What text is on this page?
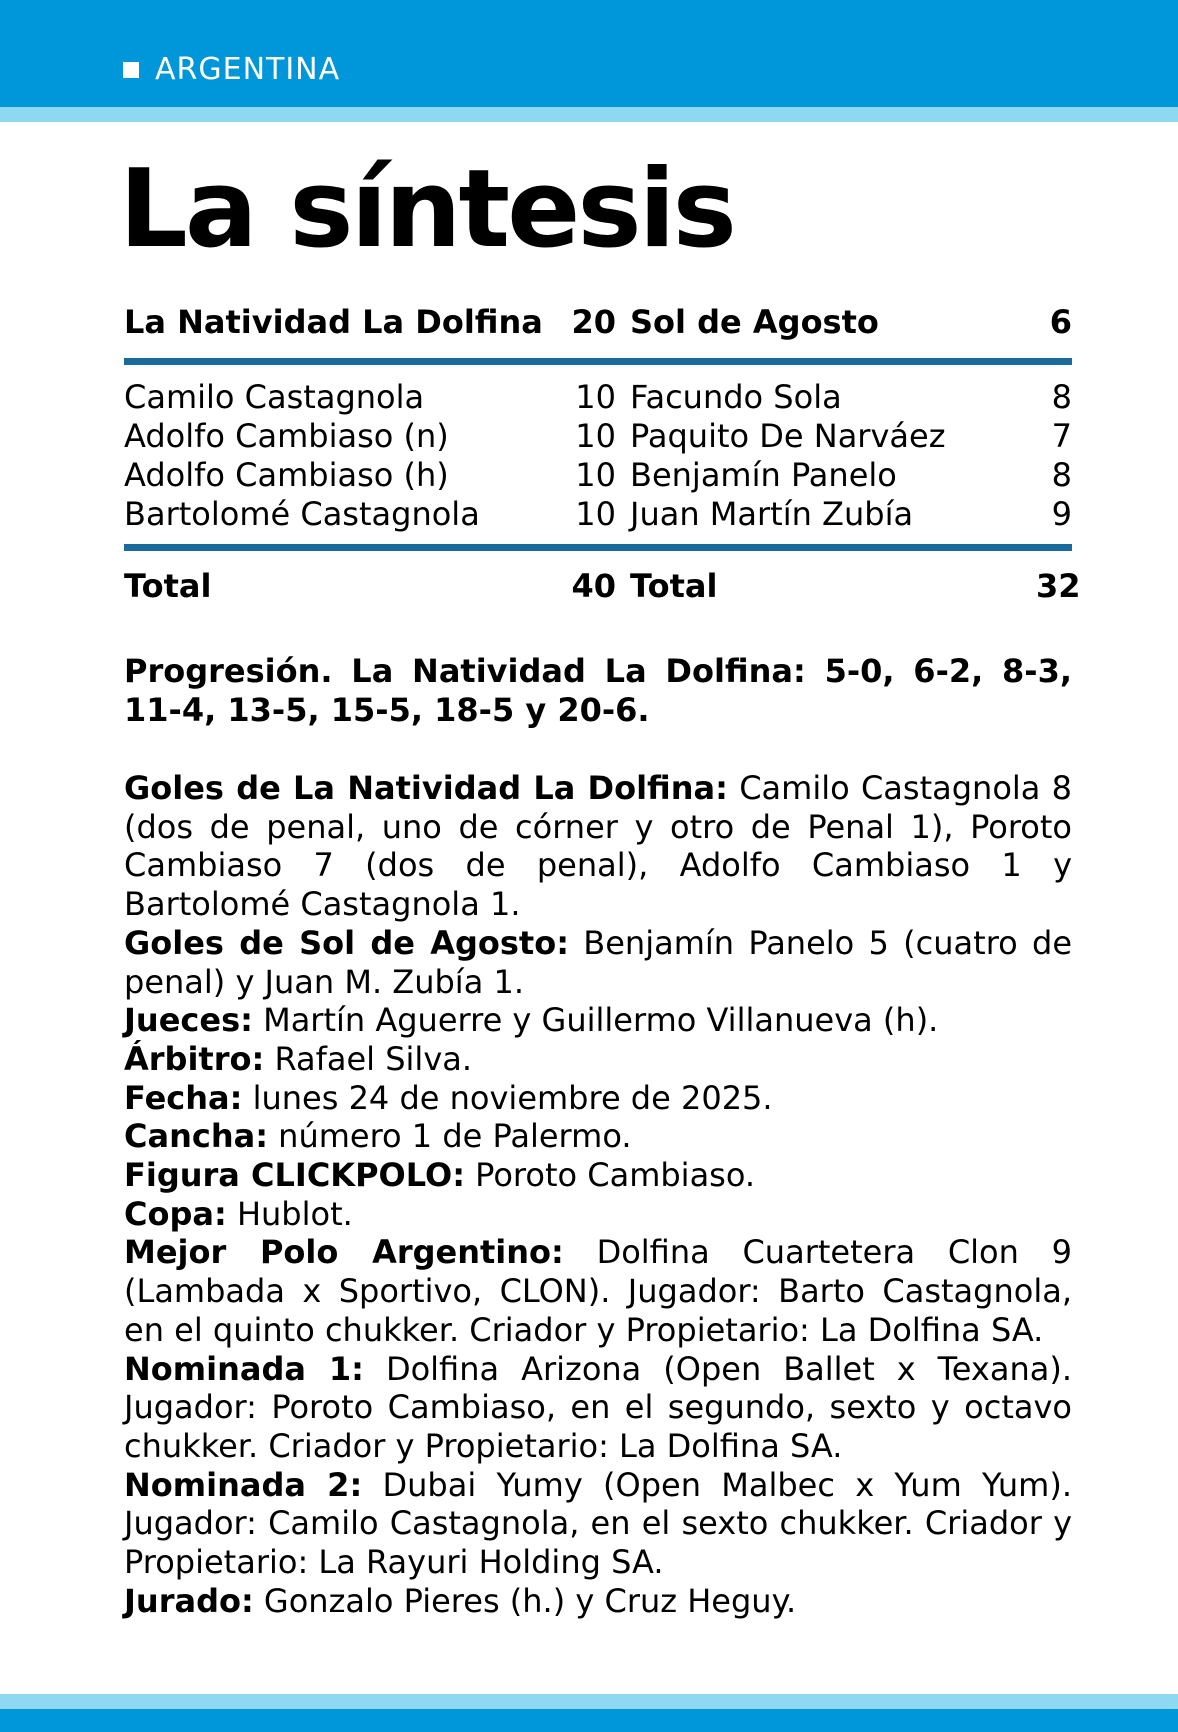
ARGENTINA
La síntesis
La Natividad La Dolfina 20 Sol de Agosto	6
Camilo Castagnola	10 Facundo Sola	8
Adolfo Cambiaso (n)	10 Paquito De Narváez	7
Adolfo Cambiaso (h)	10 Benjamín Panelo	8
Bartolomé Castagnola	10 Juan Martín Zubía	9
Total	40 Total	32
Progresión. La Natividad La Dolfina: 5-0, 6-2, 8-3, 11-4, 13-5, 15-5, 18-5 y 20-6.

Goles de La Natividad La Dolfina: Camilo Castagnola 8 (dos de penal, uno de córner y otro de Penal 1), Poroto Cambiaso 7 (dos de penal), Adolfo Cambiaso 1 y Bartolomé Castagnola 1.

Goles de Sol de Agosto: Benjamín Panelo 5 (cuatro de penal) y Juan M. Zubía 1.

Jueces: Martín Aguerre y Guillermo Villanueva (h).

Árbitro: Rafael Silva.

Fecha: lunes 24 de noviembre de 2025.

Cancha: número 1 de Palermo.

Figura CLICKPOLO: Poroto Cambiaso.

Copa: Hublot.

Mejor Polo Argentino: Dolfina Cuartetera Clon 9 (Lambada x Sportivo, CLON). Jugador: Barto Castagnola, en el quinto chukker. Criador y Propietario: La Dolfina SA.

Nominada 1: Dolfina Arizona (Open Ballet x Texana). Jugador: Poroto Cambiaso, en el segundo, sexto y octavo chukker. Criador y Propietario: La Dolfina SA.

Nominada 2: Dubai Yumy (Open Malbec x Yum Yum). Jugador: Camilo Castagnola, en el sexto chukker. Criador y Propietario: La Rayuri Holding SA.

Jurado: Gonzalo Pieres (h.) y Cruz Heguy.
